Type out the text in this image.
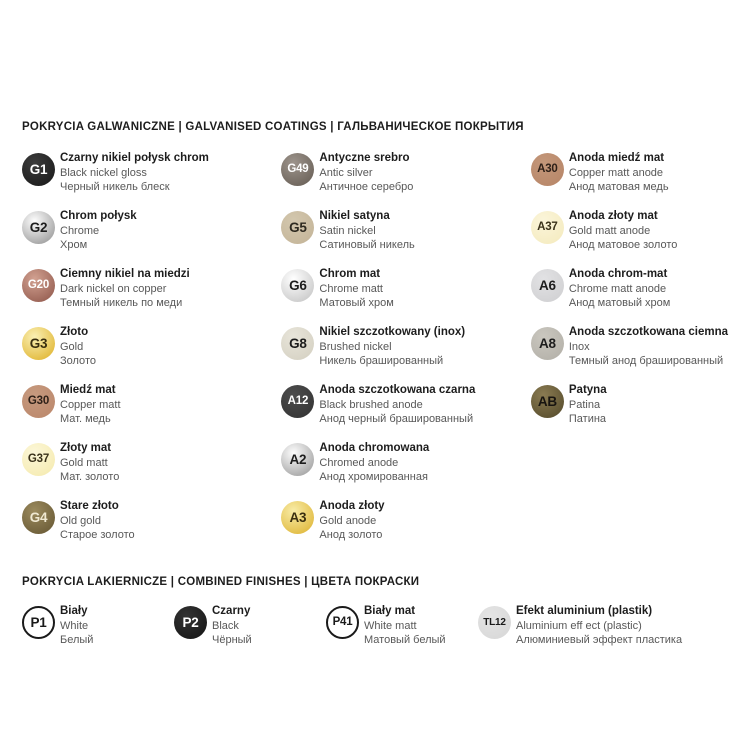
POKRYCIA GALWANICZNE | GALVANISED COATINGS | ГАЛЬВАНИЧЕСКОЕ ПОКРЫТИЯ
G1
Czarny nikiel połysk chrom
Black nickel gloss
Черный никель блеск
G2
Chrom połysk
Chrome
Хром
G20
Ciemny nikiel na miedzi
Dark nickel on copper
Темный никель по меди
G3
Złoto
Gold
Золото
G30
Miedź mat
Copper matt
Мат. медь
G37
Złoty mat
Gold matt
Мат. золото
G4
Stare złoto
Old gold
Старое золото
G49
Antyczne srebro
Antic silver
Античное серебро
G5
Nikiel satyna
Satin nickel
Сатиновый никель
G6
Chrom mat
Chrome matt
Матовый хром
G8
Nikiel szczotkowany (inox)
Brushed nickel
Никель брашированный
A12
Anoda szczotkowana czarna
Black brushed anode
Анод черный брашированный
A2
Anoda chromowana
Chromed anode
Анод хромированная
A3
Anoda złoty
Gold anode
Анод золото
A30
Anoda miedź mat
Copper matt anode
Анод матовая медь
A37
Anoda złoty mat
Gold matt anode
Анод матовое золото
A6
Anoda chrom-mat
Chrome matt anode
Анод матовый хром
A8
Anoda szczotkowana ciemna
Inox
Темный анод брашированный
AB
Patyna
Patina
Патина
POKRYCIA LAKIERNICZE | COMBINED FINISHES | ЦВЕТА ПОКРАСКИ
P1
Biały
White
Белый
P2
Czarny
Black
Чёрный
P41
Biały mat
White matt
Матовый белый
TL12
Efekt aluminium (plastik)
Aluminium eff ect (plastic)
Алюминиевый эффект пластика
